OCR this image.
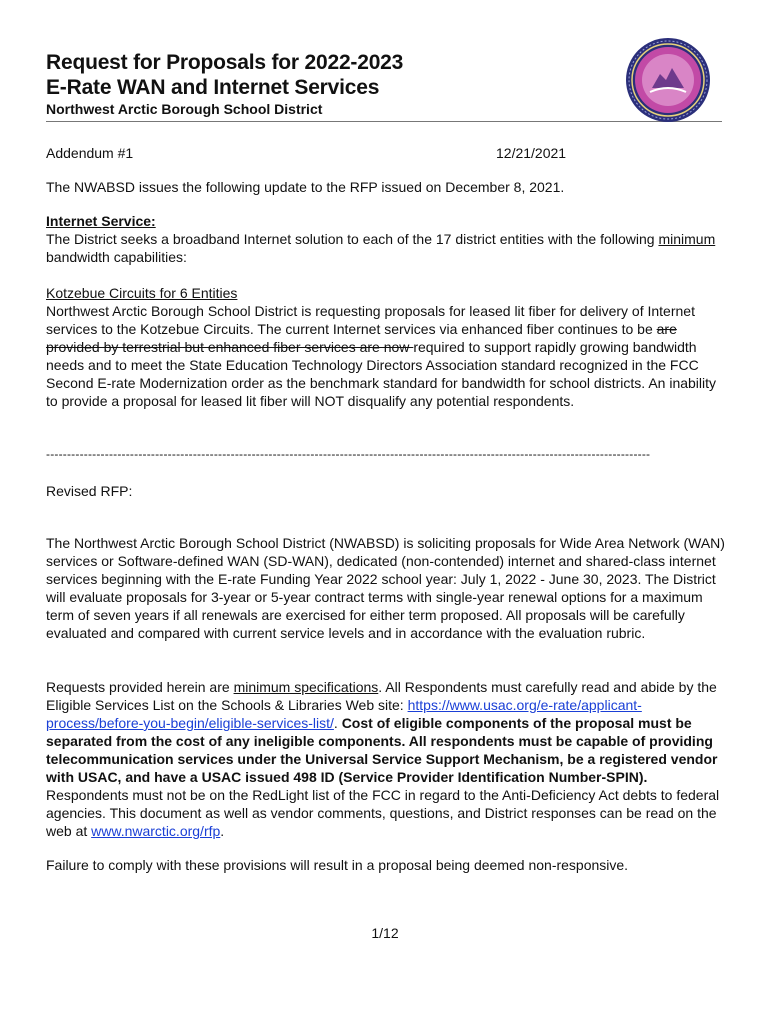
Request for Proposals for 2022-2023
E-Rate WAN and Internet Services
Northwest Arctic Borough School District
Addendum #1	12/21/2021
The NWABSD issues the following update to the RFP issued on December 8, 2021.
Internet Service:
The District seeks a broadband Internet solution to each of the 17 district entities with the following minimum bandwidth capabilities:
Kotzebue Circuits for 6 Entities
Northwest Arctic Borough School District is requesting proposals for leased lit fiber for delivery of Internet services to the Kotzebue Circuits. The current Internet services via enhanced fiber continues to be are provided by terrestrial but enhanced fiber services are now required to support rapidly growing bandwidth needs and to meet the State Education Technology Directors Association standard recognized in the FCC Second E-rate Modernization order as the benchmark standard for bandwidth for school districts. An inability to provide a proposal for leased lit fiber will NOT disqualify any potential respondents.
------------------------------------------------------------------------------------------------------------------------------------------------
Revised RFP:
The Northwest Arctic Borough School District (NWABSD) is soliciting proposals for Wide Area Network (WAN) services or Software-defined WAN (SD-WAN), dedicated (non-contended) internet and shared-class internet services beginning with the E-rate Funding Year 2022 school year: July 1, 2022 - June 30, 2023. The District will evaluate proposals for 3-year or 5-year contract terms with single-year renewal options for a maximum term of seven years if all renewals are exercised for either term proposed. All proposals will be carefully evaluated and compared with current service levels and in accordance with the evaluation rubric.
Requests provided herein are minimum specifications. All Respondents must carefully read and abide by the Eligible Services List on the Schools & Libraries Web site: https://www.usac.org/e-rate/applicant-process/before-you-begin/eligible-services-list/. Cost of eligible components of the proposal must be separated from the cost of any ineligible components. All respondents must be capable of providing telecommunication services under the Universal Service Support Mechanism, be a registered vendor with USAC, and have a USAC issued 498 ID (Service Provider Identification Number-SPIN). Respondents must not be on the RedLight list of the FCC in regard to the Anti-Deficiency Act debts to federal agencies. This document as well as vendor comments, questions, and District responses can be read on the web at www.nwarctic.org/rfp.
Failure to comply with these provisions will result in a proposal being deemed non-responsive.
1/12
